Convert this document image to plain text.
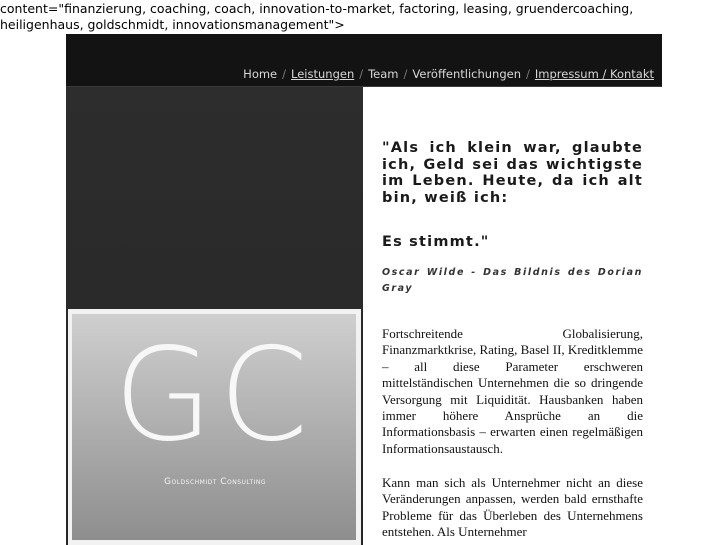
content="finanzierung, coaching, coach, innovation-to-market, factoring, leasing, gruendercoaching, heiligenhaus, goldschmidt, innovationsmanagement">

Home / Leistungen / Team / Veröffentlichungen / Impressum / Kontakt
GC
Goldschmidt Consulting

"Als ich klein war, glaubte ich, Geld sei das wichtigste im Leben. Heute, da ich alt bin, weiß ich:

Es stimmt."

Oscar Wilde - Das Bildnis des Dorian Gray

Fortschreitende Globalisierung, Finanzmarktkrise, Rating, Basel II, Kreditklemme – all diese Parameter erschweren mittelständischen Unternehmen die so dringende Versorgung mit Liquidität. Hausbanken haben immer höhere Ansprüche an die Informationsbasis – erwarten einen regelmäßigen Informationsaustausch.

Kann man sich als Unternehmer nicht an diese Veränderungen anpassen, werden bald ernsthafte Probleme für das Überleben des Unternehmens entstehen. Als Unternehmer
